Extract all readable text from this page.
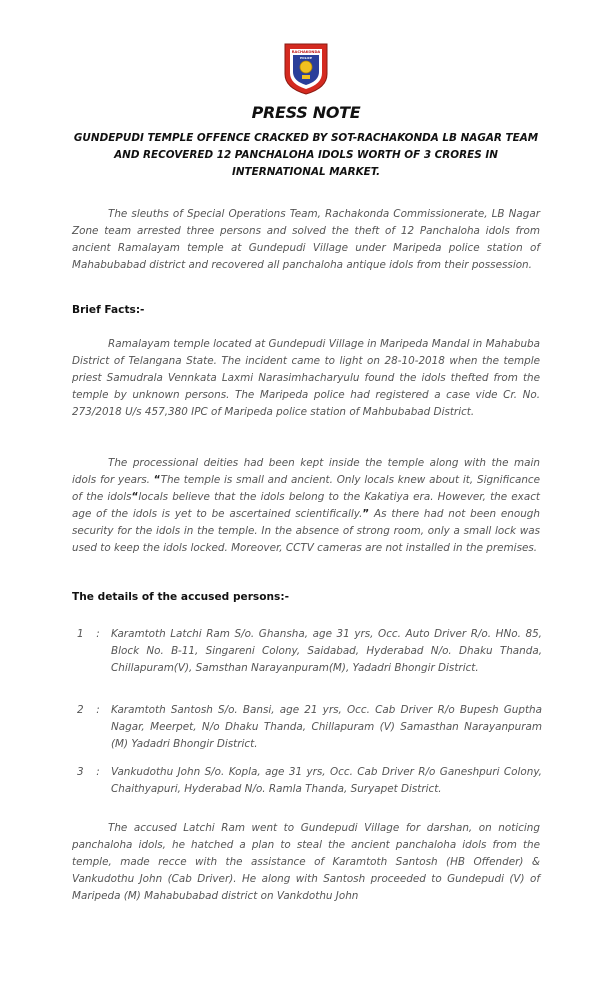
RACHAKONDA
POLICE
PRESS NOTE
GUNDEPUDI TEMPLE OFFENCE CRACKED BY SOT-RACHAKONDA LB NAGAR TEAM AND RECOVERED 12 PANCHALOHA IDOLS WORTH OF 3 CRORES IN INTERNATIONAL MARKET.

The sleuths of Special Operations Team, Rachakonda Commissionerate, LB Nagar Zone team arrested three persons and solved the theft of 12 Panchaloha idols from ancient Ramalayam temple at Gundepudi Village under Maripeda police station of Mahabubabad district and recovered all panchaloha antique idols from their possession.

Brief Facts:-

Ramalayam temple located at Gundepudi Village in Maripeda Mandal in Mahabuba District of Telangana State. The incident came to light on 28-10-2018 when the temple priest Samudrala Vennkata Laxmi Narasimhacharyulu found the idols thefted from the temple by unknown persons. The Maripeda police had registered a case vide Cr. No. 273/2018 U/s 457,380 IPC of Maripeda police station of Mahbubabad District.

The processional deities had been kept inside the temple along with the main idols for years. “The temple is small and ancient. Only locals knew about it, Significance of the idols“locals believe that the idols belong to the Kakatiya era. However, the exact age of the idols is yet to be ascertained scientifically.” As there had not been enough security for the idols in the temple. In the absence of strong room, only a small lock was used to keep the idols locked. Moreover, CCTV cameras are not installed in the premises.

The details of the accused persons:-

1	:	Karamtoth Latchi Ram S/o. Ghansha, age 31 yrs, Occ. Auto Driver R/o. HNo. 85, Block No. B-11, Singareni Colony, Saidabad, Hyderabad N/o. Dhaku Thanda, Chillapuram(V), Samsthan Narayanpuram(M), Yadadri Bhongir District.
2	:	Karamtoth Santosh S/o. Bansi, age 21 yrs, Occ. Cab Driver R/o Bupesh Guptha Nagar, Meerpet, N/o Dhaku Thanda, Chillapuram (V) Samasthan Narayanpuram (M) Yadadri Bhongir District.
3	:	Vankudothu John S/o. Kopla, age 31 yrs, Occ. Cab Driver R/o Ganeshpuri Colony, Chaithyapuri, Hyderabad N/o. Ramla Thanda, Suryapet District.

The accused Latchi Ram went to Gundepudi Village for darshan, on noticing panchaloha idols, he hatched a plan to steal the ancient panchaloha idols from the temple, made recce with the assistance of Karamtoth Santosh (HB Offender) & Vankudothu John (Cab Driver). He along with Santosh proceeded to Gundepudi (V) of Maripeda (M) Mahabubabad district on Vankdothu John
